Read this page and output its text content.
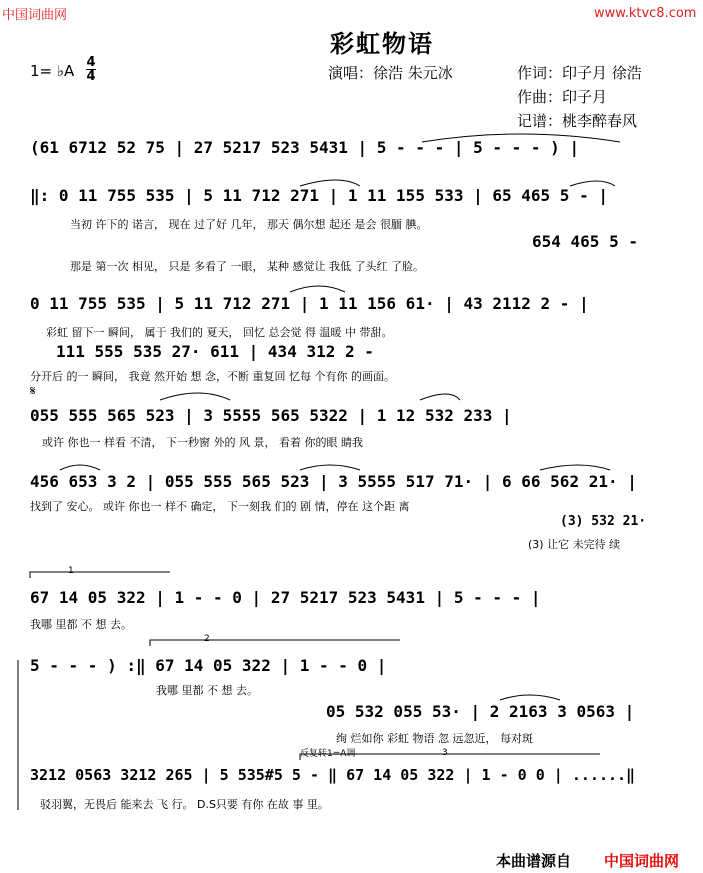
中国词曲网	www.ktvc8.com
彩虹物语
1= ♭A 4
4	演唱：徐浩 朱元冰	作词：印子月 徐浩
作曲：印子月
记谱：桃李醉春风
1
2
3
𝄋
反复转1=A调
(61 6712 52 75 | 27 5217 523 5431 | 5 - - - | 5 - - - ) |
‖: 0 11 755 535 | 5 11 712 271 | 1 11 155 533 | 65 465 5 - |
当初 许下的 诺言， 现在 过了好 几年， 那天 偶尔想 起还 是会 很腼 腆。
654 465 5 -
那是 第一次 相见， 只是 多看了 一眼， 某种 感觉让 我低 了头红 了脸。
0 11 755 535 | 5 11 712 271 | 1 11 156 61· | 43 2112 2 - |
彩虹 留下一 瞬间， 属于 我们的 夏天， 回忆 总会觉 得 温暖 中 带甜。
111 555 535 27· 611 | 434 312 2 -
分开后 的一 瞬间， 我竟 然开始 想 念，不断 重复回 忆每 个有你 的画面。
055 555 565 523 | 3 5555 565 5322 | 1 12 532 233 |
或许 你也一 样看 不清， 下一秒窗 外的 风 景， 看着 你的眼 睛我
456 653 3 2 | 055 555 565 523 | 3 5555 517 71· | 6 66 562 21· |
找到了 安心。 或许 你也一 样不 确定， 下一刻我 们的 剧 情，停在 这个距 离
(3) 532 21·
(3) 让它 未完待 续
67 14 05 322 | 1 - - 0 | 27 5217 523 5431 | 5 - - - |
我哪 里都 不 想 去。
5 - - - ) :‖ 67 14 05 322 | 1 - - 0 |
我哪 里都 不 想 去。
05 532 055 53· | 2 2163 3 0563 |
绚 烂如你 彩虹 物语 忽 远忽近， 每对斑
3212 0563 3212 265 | 5 535#5 5 - ‖ 67 14 05 322 | 1 - 0 0 | ......‖
驳羽翼，无畏后 能来去 飞 行。 D.S只要 有你 在故 事 里。
本曲谱源自 中国词曲网
